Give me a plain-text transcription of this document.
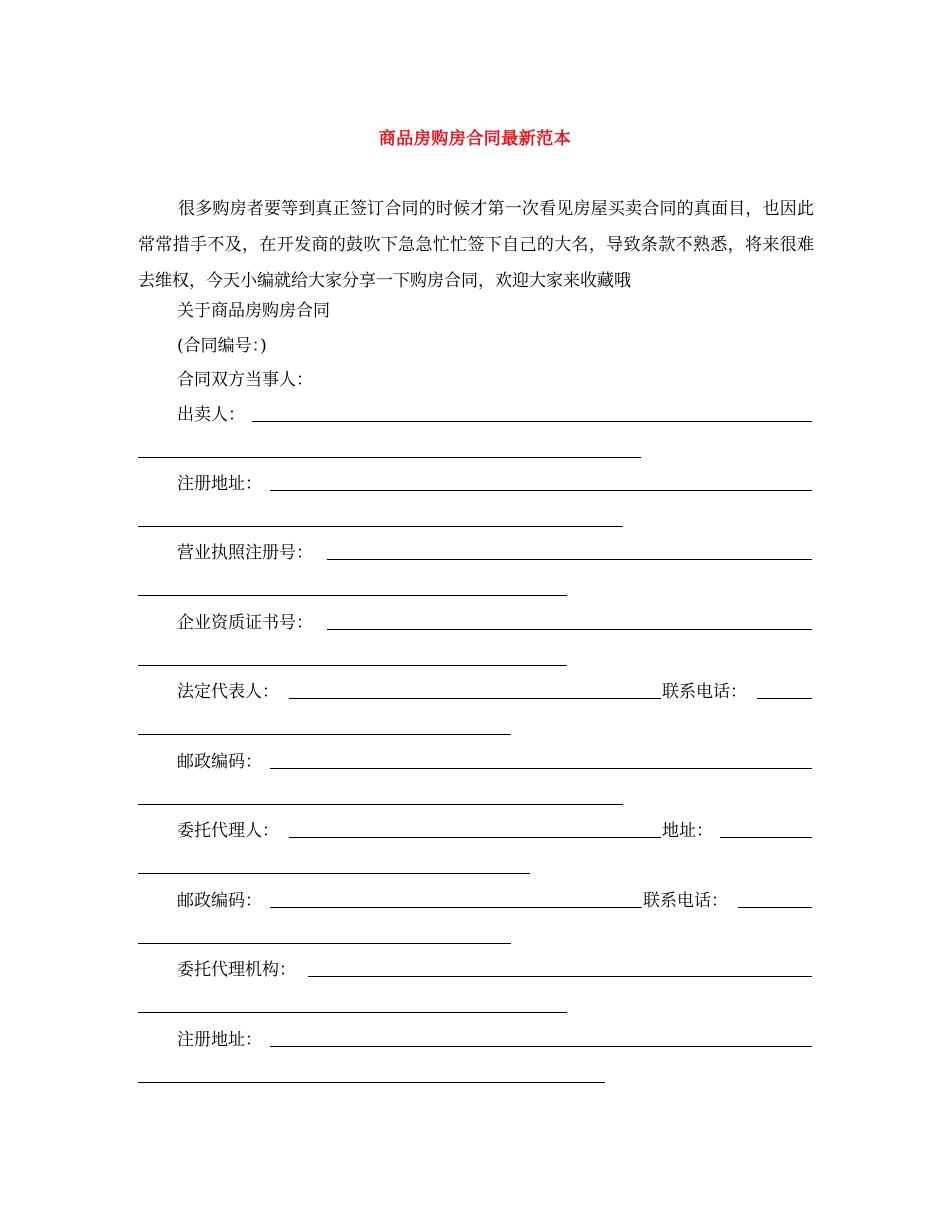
商品房购房合同最新范本

很多购房者要等到真正签订合同的时候才第一次看见房屋买卖合同的真面目，也因此常常措手不及，在开发商的鼓吹下急急忙忙签下自己的大名，导致条款不熟悉，将来很难去维权，今天小编就给大家分享一下购房合同，欢迎大家来收藏哦

关于商品房购房合同
(合同编号：)
合同双方当事人：
出卖人：
注册地址：
营业执照注册号：
企业资质证书号：
法定代表人：	联系电话：
邮政编码：
委托代理人：	地址：
邮政编码：	联系电话：
委托代理机构：
注册地址：
